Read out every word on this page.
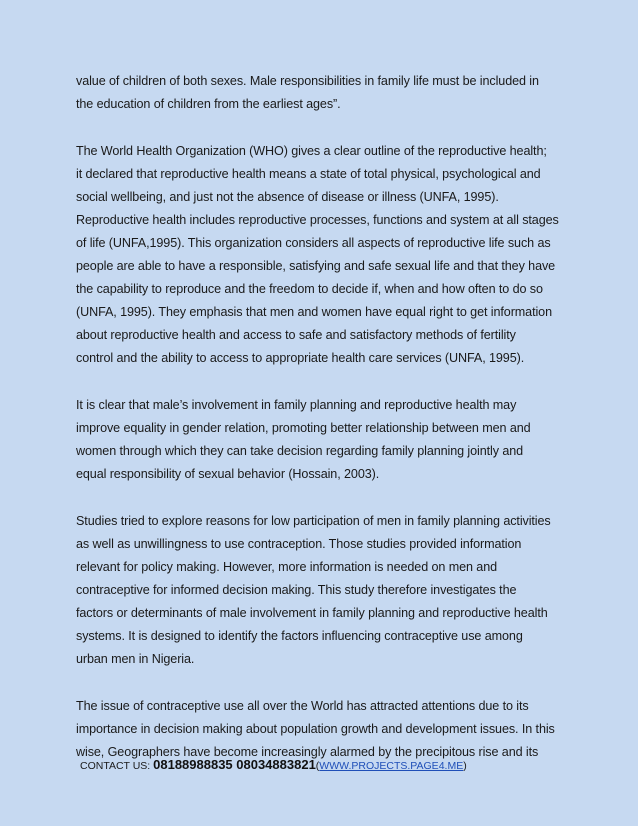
value of children of both sexes. Male responsibilities in family life must be included in
the education of children from the earliest ages”.
The World Health Organization (WHO) gives a clear outline of the reproductive health;
it declared that reproductive health means a state of total physical, psychological and
social wellbeing, and just not the absence of disease or illness (UNFA, 1995).
Reproductive health includes reproductive processes, functions and system at all stages
of life (UNFA,1995). This organization considers all aspects of reproductive life such as
people are able to have a responsible, satisfying and safe sexual life and that they have
the capability to reproduce and the freedom to decide if, when and how often to do so
(UNFA, 1995). They emphasis that men and women have equal right to get information
about reproductive health and access to safe and satisfactory methods of fertility
control and the ability to access to appropriate health care services (UNFA, 1995).
It is clear that male’s involvement in family planning and reproductive health may
improve equality in gender relation, promoting better relationship between men and
women through which they can take decision regarding family planning jointly and
equal responsibility of sexual behavior (Hossain, 2003).
Studies tried to explore reasons for low participation of men in family planning activities
as well as unwillingness to use contraception. Those studies provided information
relevant for policy making. However, more information is needed on men and
contraceptive for informed decision making. This study therefore investigates the
factors or determinants of male involvement in family planning and reproductive health
systems. It is designed to identify the factors influencing contraceptive use among
urban men in Nigeria.
The issue of contraceptive use all over the World has attracted attentions due to its
importance in decision making about population growth and development issues. In this
wise, Geographers have become increasingly alarmed by the precipitous rise and its
CONTACT US: 08188988835 08034883821(WWW.PROJECTS.PAGE4.ME)
